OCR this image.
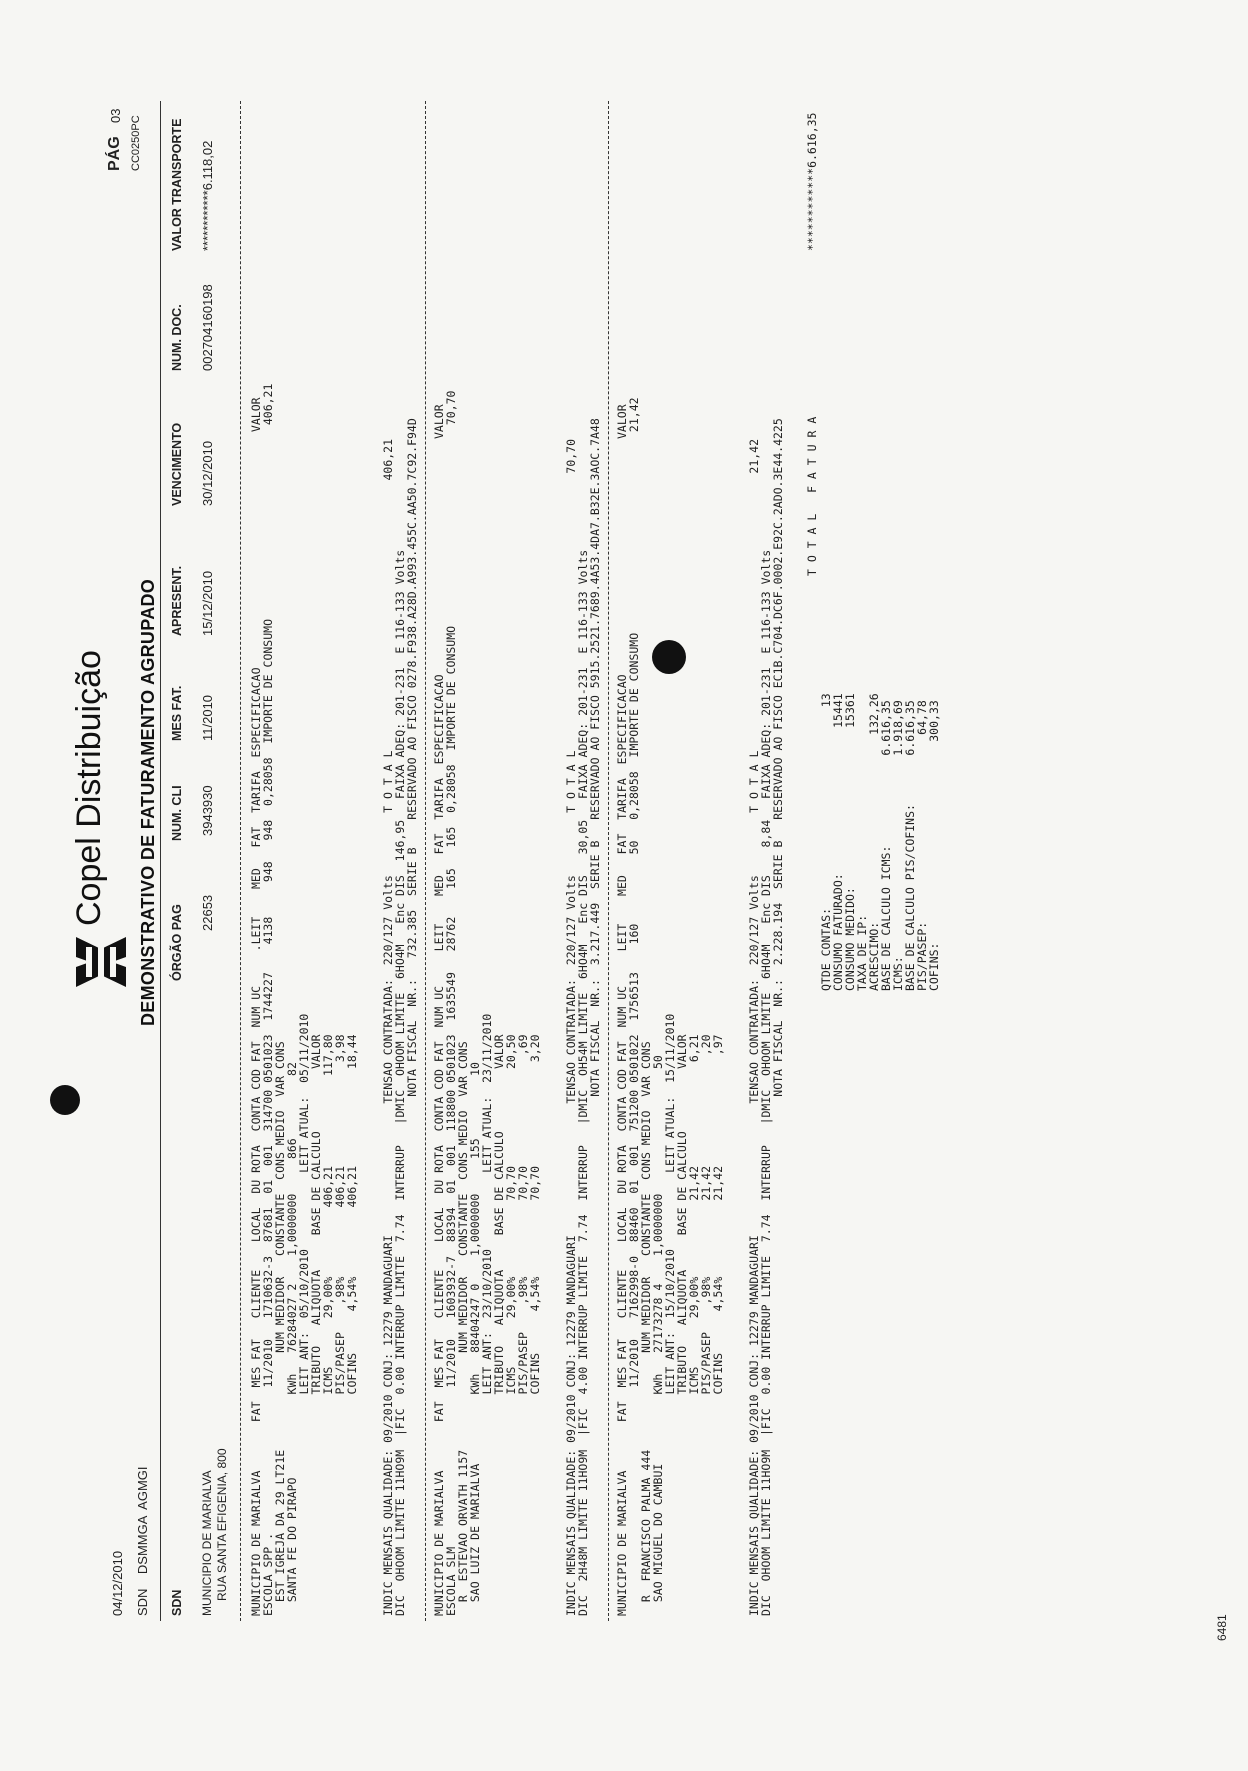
04/12/2010 SDN    DSMMGA  AGMGI
Copel Distribuição DEMONSTRATIVO DE FATURAMENTO AGRUPADO
PÁG
03 CC0250PC
SDN
ÓRGÃO PAG
NUM. CLI
MES FAT.
APRESENT.
VENCIMENTO
NUM. DOC.
VALOR TRANSPORTE
MUNICIPIO DE MARIALVA RUA SANTA EFIGENIA, 800
22653
3943930
11/2010
15/12/2010
30/12/2010
002704160198
************6.118,02
MUNICIPIO DE MARIALVA       FAT  MES FAT   CLIENTE    LOCAL  DU ROTA  CONTA COD FAT  NUM UC     .LEIT    MED   FAT  TARIFA  ESPECIFICACAO                                  VALOR
ESCOLA SPP .                     11/2010   1710632-3  87681  01  001  314700 0501023  1744227    4138     948   948  0,28058  IMPORTE DE CONSUMO                            406,21
EST IGREJA DA 29 LT21E              NUM MEDIDOR   CONSTANTE  CONS MEDIO  VAR CONS
SANTA FE DO PIRAPO            KWh   76284027 2    1,0000000     866         82
LEIT ANT:  05/10/2010           LEIT ATUAL:  05/11/2010
TRIBUTO   ALIQUOTA     BASE DE CALCULO         VALOR
ICMS       29,00%          406,21             117,80
PIS/PASEP    ,98%          406,21               3,98
COFINS      4,54%          406,21              18,44 INDIC MENSAIS QUALIDADE: 09/2010 CONJ: 12279 MANDAGUARI                   TENSAO CONTRATADA:  220/127 Volts         T O T A L                                       406,21
DIC  OHOOM LIMITE 11HO9M  |FIC  0.00 INTERRUP LIMITE  7.74  INTERRUP   |DMIC  OHOOM LIMITE  6HO4M   Enc DIS  146,95   FAIXA ADEQ: 201-231  E 116-133 Volts
NOTA FISCAL  NR.:   732.385  SERIE B    RESERVADO AO FISCO 0278.F938.A28D.A993.455C.AA50.7C92.F94D MUNICIPIO DE MARIALVA       FAT  MES FAT   CLIENTE    LOCAL  DU ROTA  CONTA COD FAT  NUM UC     LEIT    MED   FAT  TARIFA  ESPECIFICACAO                                  VALOR
ESCOLA SLM                       11/2010   1603932-7  88394  01  001  118800 0501023  1635549   28762    165   165  0,28058  IMPORTE DE CONSUMO                             70,70
R  ESTEVAO ORVATH 1157              NUM MEDIDOR   CONSTANTE  CONS MEDIO  VAR CONS
SAO LUIZ DE MARIALVA          KWh   88404247 0    1,0000000     155         10
LEIT ANT:  23/10/2010           LEIT ATUAL:  23/11/2010
TRIBUTO   ALIQUOTA     BASE DE CALCULO         VALOR
ICMS       29,00%           70,70              20,50
PIS/PASEP    ,98%           70,70                ,69
COFINS      4,54%           70,70               3,20 INDIC MENSAIS QUALIDADE: 09/2010 CONJ: 12279 MANDAGUARI                   TENSAO CONTRATADA:  220/127 Volts         T O T A L                                        70,70
DIC  2H48M LIMITE 11HO9M  |FIC  4.00 INTERRUP LIMITE  7.74  INTERRUP   |DMIC  OH54M LIMITE  6HO4M   Enc DIS   30,05   FAIXA ADEQ: 201-231  E 116-133 Volts
NOTA FISCAL  NR.:  3.217.449  SERIE B   RESERVADO AO FISCO 5915.2521.7689.4A53.4DA7.B32E.3AOC.7A48 MUNICIPIO DE MARIALVA       FAT  MES FAT   CLIENTE    LOCAL  DU ROTA  CONTA COD FAT  NUM UC     LEIT    MED   FAT  TARIFA  ESPECIFICACAO                                  VALOR
11/2010   7162998-0  88460  01  001  751200 0501022  1756513    160          50   0,28058  IMPORTE DE CONSUMO                             21,42
R  FRANCISCO PALMA 444              NUM MEDIDOR   CONSTANTE  CONS MEDIO  VAR CONS
SAO MIGUEL DO CAMBUI          KWh   27173278 4    1,0000000                  50
LEIT ANT:  15/10/2010           LEIT ATUAL:  15/11/2010
TRIBUTO   ALIQUOTA     BASE DE CALCULO         VALOR
ICMS       29,00%           21,42               6,21
PIS/PASEP    ,98%           21,42                ,20
COFINS      4,54%           21,42                ,97 INDIC MENSAIS QUALIDADE: 09/2010 CONJ: 12279 MANDAGUARI                   TENSAO CONTRATADA:  220/127 Volts         T O T A L                                        21,42
DIC  OHOOM LIMITE 11HO9M  |FIC  0.00 INTERRUP LIMITE  7.74  INTERRUP   |DMIC  OHOOM LIMITE  6HO4M   Enc DIS    8,84   FAIXA ADEQ: 201-231  E 116-133 Volts
NOTA FISCAL  NR.:  2.228.194  SERIE B   RESERVADO AO FISCO EC1B.C704.DC6F.0002.E92C.2ADO.3E44.4225	QTDE CONTAS:                             13
CONSUMO FATURADO:                     15441
CONSUMO MEDIDO:                       15361
TAXA DE IP:
ACRESCIMO:                           132,26
BASE DE CALCULO ICMS:             6.616,35
ICMS:                             1.918,69
BASE DE CALCULO PIS/COFINS:       6.616,35
PIS/PASEP:                           64,78
COFINS:                             300,33
T O T A L   F A T U R A
************6.616,35
6481
